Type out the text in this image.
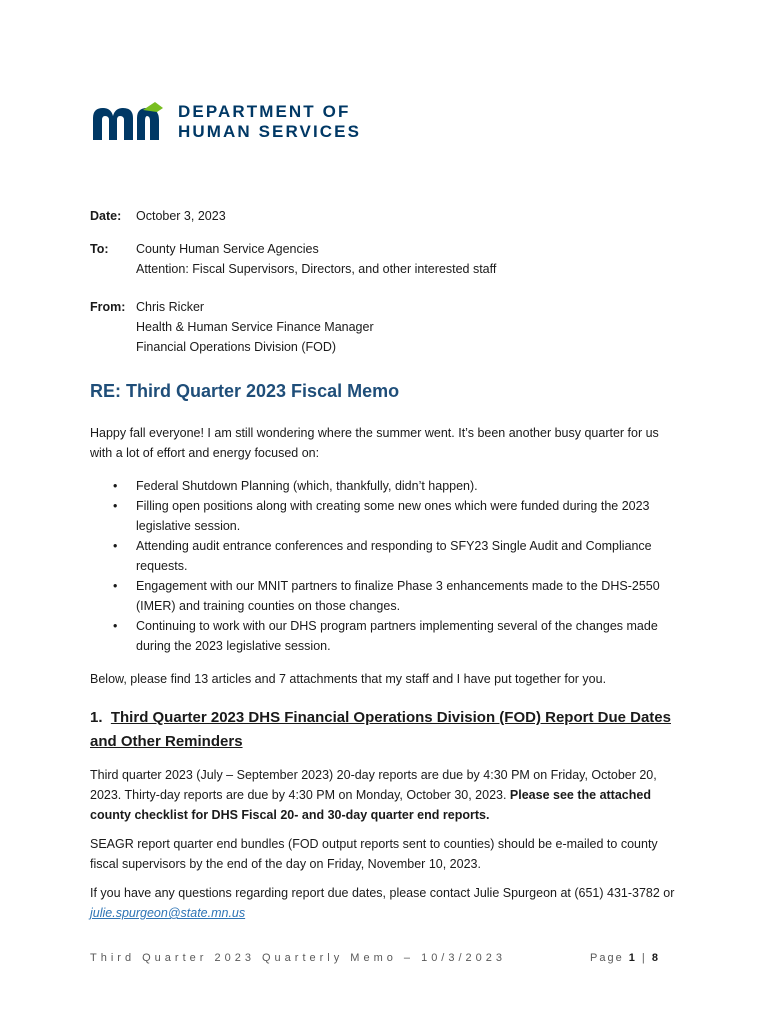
DEPARTMENT OF
HUMAN SERVICES
Date: October 3, 2023
To: County Human Service Agencies
Attention: Fiscal Supervisors, Directors, and other interested staff
From: Chris Ricker
Health & Human Service Finance Manager
Financial Operations Division (FOD)
RE: Third Quarter 2023 Fiscal Memo
Happy fall everyone! I am still wondering where the summer went. It’s been another busy quarter for us with a lot of effort and energy focused on:
• Federal Shutdown Planning (which, thankfully, didn’t happen).
• Filling open positions along with creating some new ones which were funded during the 2023 legislative session.
• Attending audit entrance conferences and responding to SFY23 Single Audit and Compliance requests.
• Engagement with our MNIT partners to finalize Phase 3 enhancements made to the DHS-2550 (IMER) and training counties on those changes.
• Continuing to work with our DHS program partners implementing several of the changes made during the 2023 legislative session.
Below, please find 13 articles and 7 attachments that my staff and I have put together for you.
1. Third Quarter 2023 DHS Financial Operations Division (FOD) Report Due Dates and Other Reminders
Third quarter 2023 (July – September 2023) 20-day reports are due by 4:30 PM on Friday, October 20, 2023. Thirty-day reports are due by 4:30 PM on Monday, October 30, 2023. Please see the attached county checklist for DHS Fiscal 20- and 30-day quarter end reports.
SEAGR report quarter end bundles (FOD output reports sent to counties) should be e-mailed to county fiscal supervisors by the end of the day on Friday, November 10, 2023.
If you have any questions regarding report due dates, please contact Julie Spurgeon at (651) 431-3782 or julie.spurgeon@state.mn.us
Third Quarter 2023 Quarterly Memo – 10/3/2023	Page 1 | 8
